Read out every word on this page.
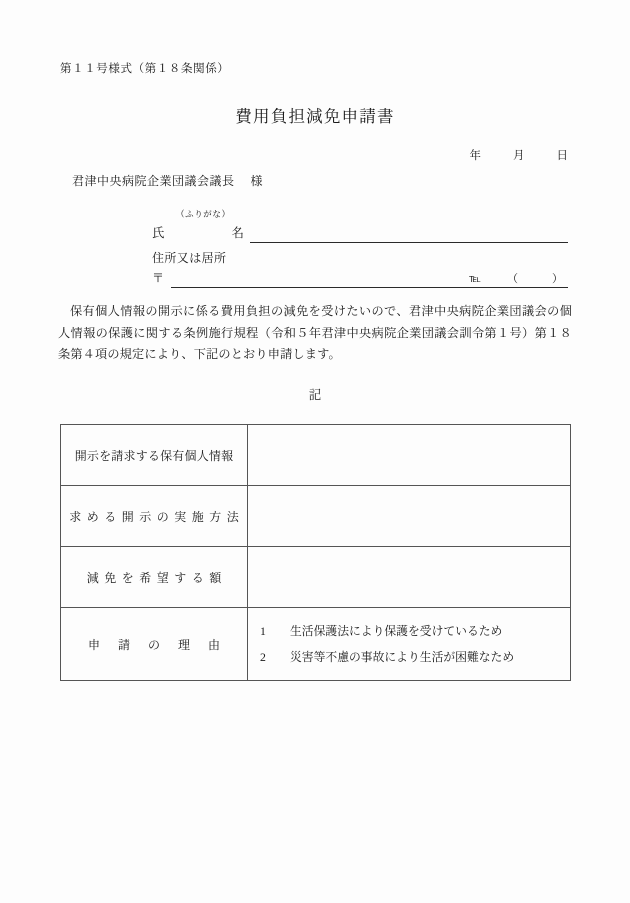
第１１号様式（第１８条関係）
費用負担減免申請書
年	月	日
君津中央病院企業団議会議長 様
（ふりがな）
氏	名
住所又は居所
〒	℡ （	）
保有個人情報の開示に係る費用負担の減免を受けたいので、君津中央病院企業団議会の個人情報の保護に関する条例施行規程（令和５年君津中央病院企業団議会訓令第１号）第１８条第４項の規定により、下記のとおり申請します。
記
開示を請求する保有個人情報	
求める開示の実施方法	
減免を希望する額	
申請の理由	1 生活保護法により保護を受けているため
2 災害等不慮の事故により生活が困難なため
